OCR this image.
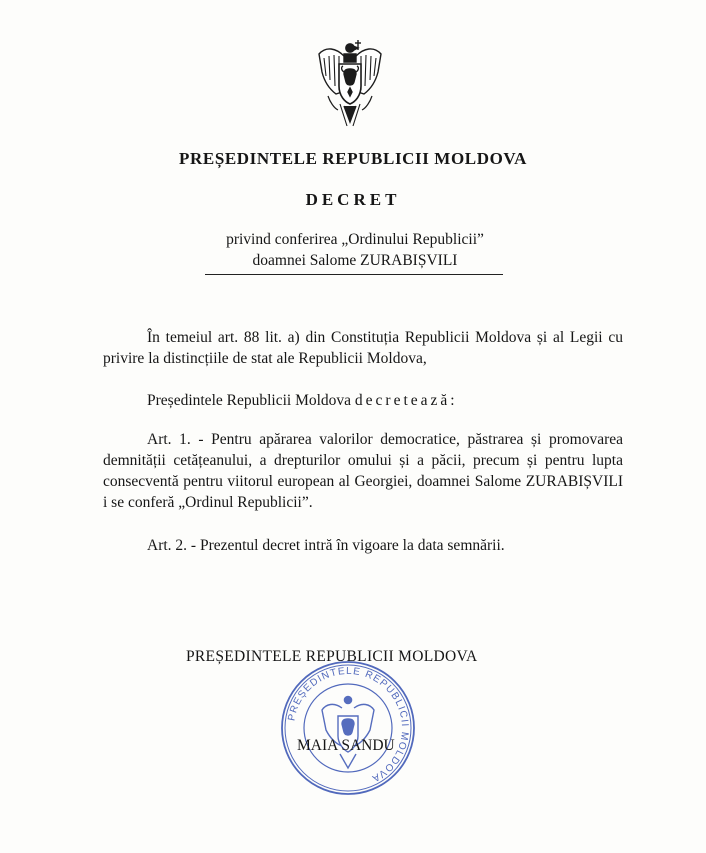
PREȘEDINTELE REPUBLICII MOLDOVA
DECRET
privind conferirea „Ordinului Republicii”
doamnei Salome ZURABIȘVILI
În temeiul art. 88 lit. a) din Constituția Republicii Moldova și al Legii cu privire la distincțiile de stat ale Republicii Moldova,
Președintele Republicii Moldova decretează:
Art. 1. - Pentru apărarea valorilor democratice, păstrarea și promovarea demnității cetățeanului, a drepturilor omului și a păcii, precum și pentru lupta consecventă pentru viitorul european al Georgiei, doamnei Salome ZURABIȘVILI i se conferă „Ordinul Republicii”.
Art. 2. - Prezentul decret intră în vigoare la data semnării.
PREȘEDINTELE REPUBLICII MOLDOVA
PREȘEDINTELE REPUBLICII MOLDOVA
MAIA SANDU
